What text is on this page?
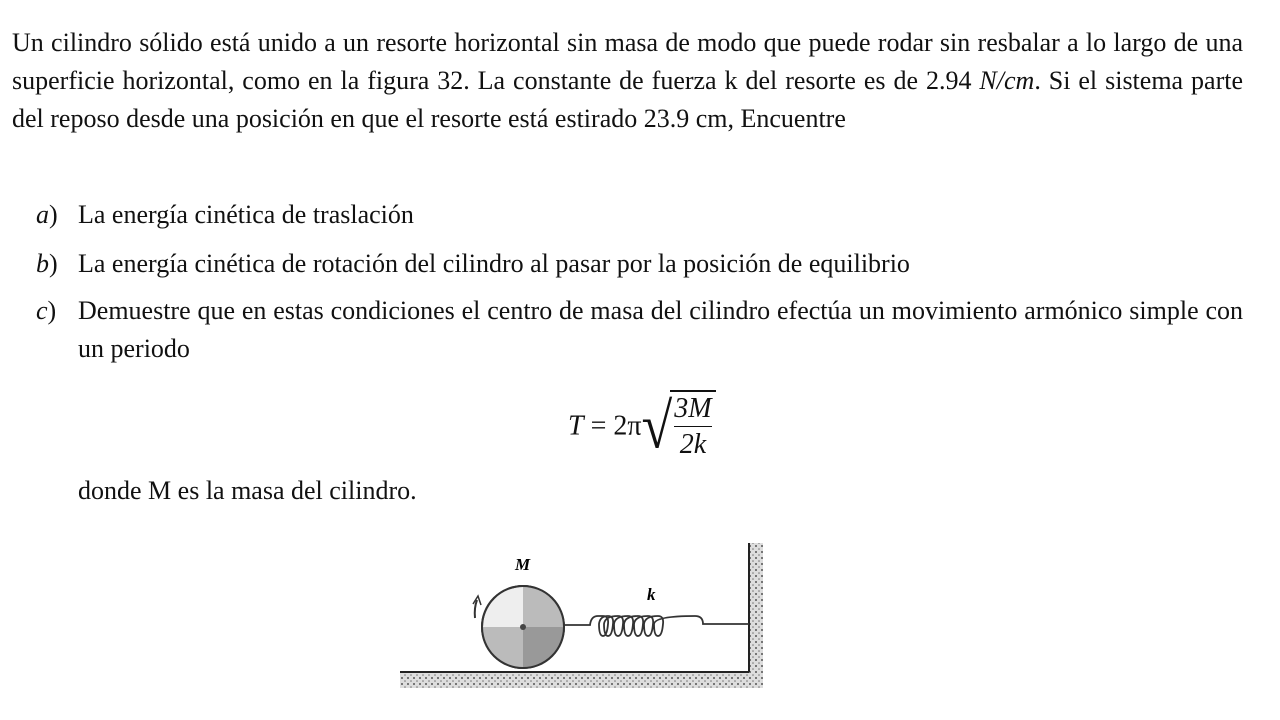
Un cilindro sólido está unido a un resorte horizontal sin masa de modo que puede rodar sin resbalar a lo largo de una superficie horizontal, como en la figura 32. La constante de fuerza k del resorte es de 2.94 N/cm. Si el sistema parte del reposo desde una posición en que el resorte está estirado 23.9 cm, Encuentre
a) La energía cinética de traslación
b) La energía cinética de rotación del cilindro al pasar por la posición de equilibrio
c) Demuestre que en estas condiciones el centro de masa del cilindro efectúa un movimiento armónico simple con un periodo
T = 2π√
$\frac{3M}{2k}$
donde M es la masa del cilindro.
M
k
